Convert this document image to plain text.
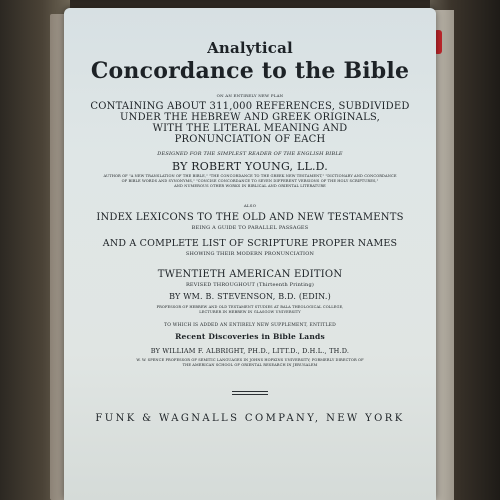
Analytical
Concordance to the Bible
ON AN ENTIRELY NEW PLAN
CONTAINING ABOUT 311,000 REFERENCES, SUBDIVIDED
UNDER THE HEBREW AND GREEK ORIGINALS,
WITH THE LITERAL MEANING AND
PRONUNCIATION OF EACH
DESIGNED FOR THE SIMPLEST READER OF THE ENGLISH BIBLE
BY ROBERT YOUNG, LL.D.
AUTHOR OF "A NEW TRANSLATION OF THE BIBLE," "THE CONCORDANCE TO THE GREEK NEW TESTAMENT," "DICTIONARY AND CONCORDANCE
OF BIBLE WORDS AND SYNONYMS," "CONCISE CONCORDANCE TO SEVEN DIFFERENT VERSIONS OF THE HOLY SCRIPTURES,"
AND NUMEROUS OTHER WORKS IN BIBLICAL AND ORIENTAL LITERATURE
ALSO
INDEX LEXICONS TO THE OLD AND NEW TESTAMENTS
BEING A GUIDE TO PARALLEL PASSAGES
AND A COMPLETE LIST OF SCRIPTURE PROPER NAMES
SHOWING THEIR MODERN PRONUNCIATION
TWENTIETH AMERICAN EDITION
REVISED THROUGHOUT (Thirteenth Printing)
BY WM. B. STEVENSON, B.D. (EDIN.)
PROFESSOR OF HEBREW AND OLD TESTAMENT STUDIES AT BALA THEOLOGICAL COLLEGE,
LECTURER IN HEBREW IN GLASGOW UNIVERSITY
TO WHICH IS ADDED AN ENTIRELY NEW SUPPLEMENT, ENTITLED
Recent Discoveries in Bible Lands
BY WILLIAM F. ALBRIGHT, PH.D., LITT.D., D.H.L., TH.D.
W. W. SPENCE PROFESSOR OF SEMITIC LANGUAGES IN JOHNS HOPKINS UNIVERSITY; FORMERLY DIRECTOR OF
THE AMERICAN SCHOOL OF ORIENTAL RESEARCH IN JERUSALEM
FUNK & WAGNALLS COMPANY, NEW YORK
